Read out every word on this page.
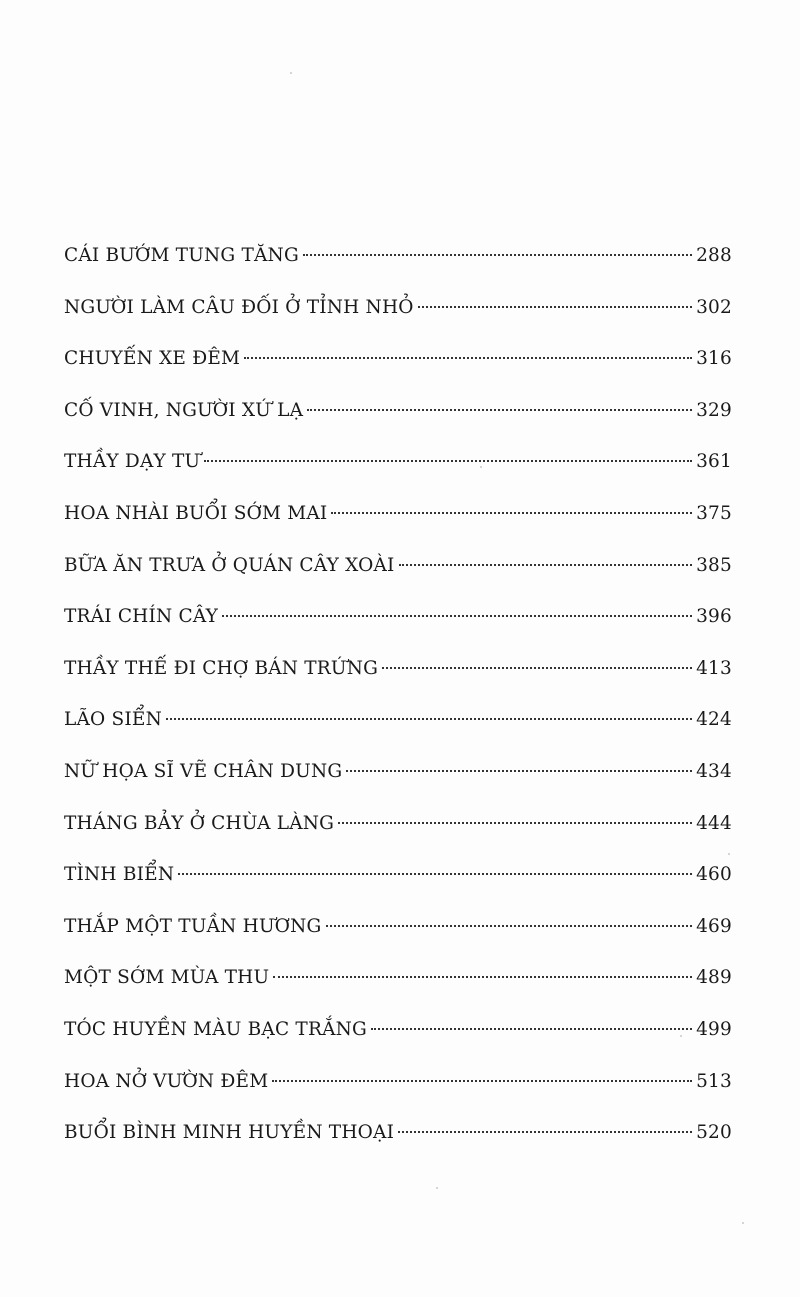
CÁI BƯỚM TUNG TĂNG	288
NGƯỜI LÀM CÂU ĐỐI Ở TỈNH NHỎ	302
CHUYẾN XE ĐÊM	316
CỐ VINH, NGƯỜI XỨ LẠ	329
THẦY DẠY TƯ	361
HOA NHÀI BUỔI SỚM MAI	375
BỮA ĂN TRƯA Ở QUÁN CÂY XOÀI	385
TRÁI CHÍN CÂY	396
THẦY THẾ ĐI CHỢ BÁN TRỨNG	413
LÃO SIỂN	424
NỮ HỌA SĨ VẼ CHÂN DUNG	434
THÁNG BẢY Ở CHÙA LÀNG	444
TÌNH BIỂN	460
THẮP MỘT TUẦN HƯƠNG	469
MỘT SỚM MÙA THU	489
TÓC HUYỀN MÀU BẠC TRẮNG	499
HOA NỞ VƯỜN ĐÊM	513
BUỔI BÌNH MINH HUYỀN THOẠI	520
